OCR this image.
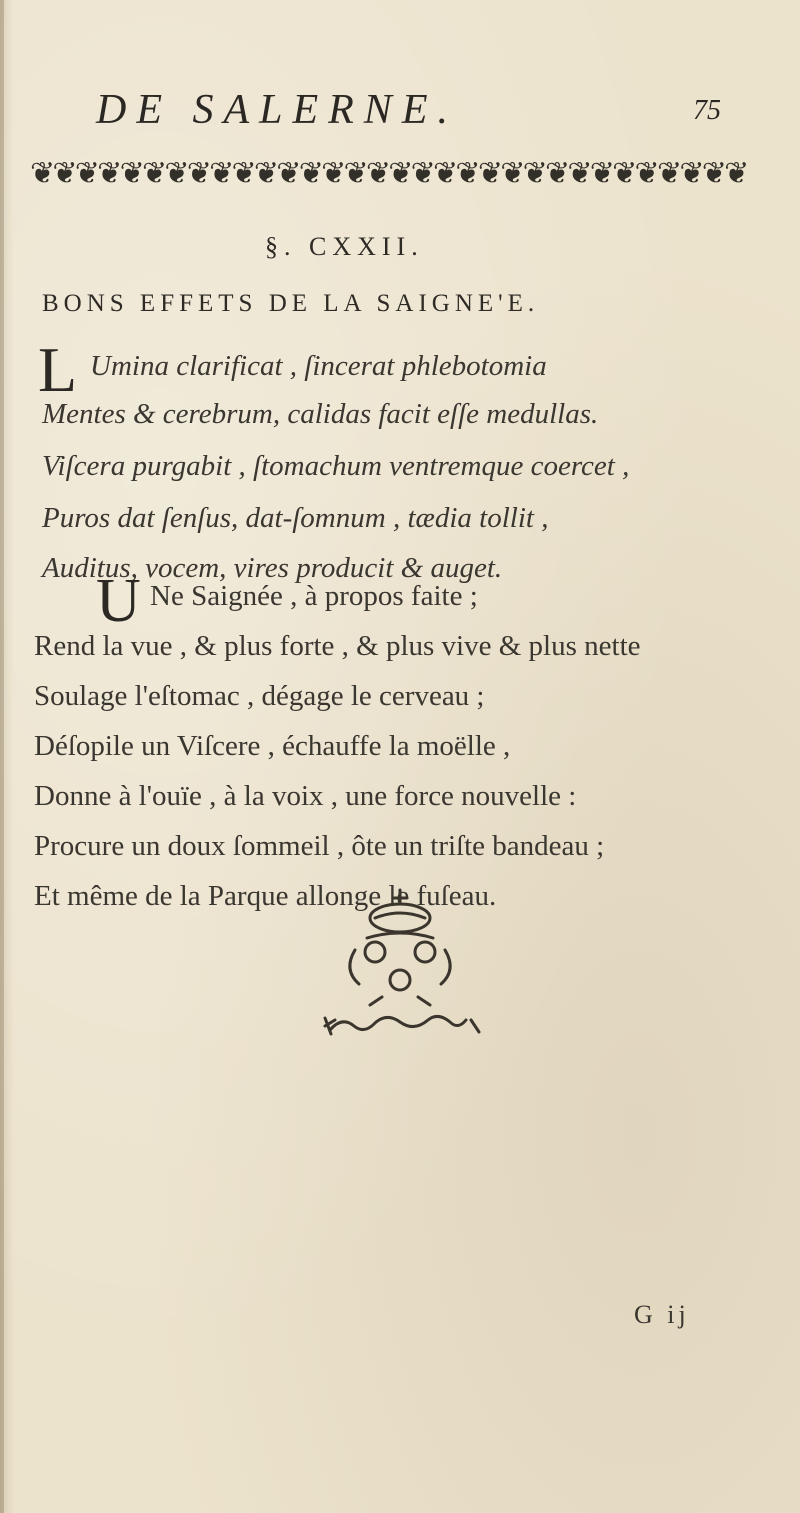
DE SALERNE.	75
❦❦❦❦❦❦❦❦❦❦❦❦❦❦❦❦❦❦❦❦❦❦❦❦❦❦❦❦❦❦❦❦
§. CXXII.
BONS EFFETS DE LA SAIGNE'E.
L Umina clarificat , ſincerat phlebotomia
Mentes & cerebrum, calidas facit eſſe medullas.
Viſcera purgabit , ſtomachum ventremque coercet ,
Puros dat ſenſus, dat-ſomnum , tædia tollit ,
Auditus, vocem, vires producit & auget.
U Ne Saignée , à propos faite ;
Rend la vue , & plus forte , & plus vive & plus nette
Soulage l'eſtomac , dégage le cerveau ;
Déſopile un Viſcere , échauffe la moëlle ,
Donne à l'ouïe , à la voix , une force nouvelle :
Procure un doux ſommeil , ôte un triſte bandeau ;
Et même de la Parque allonge le fuſeau.
G ij
